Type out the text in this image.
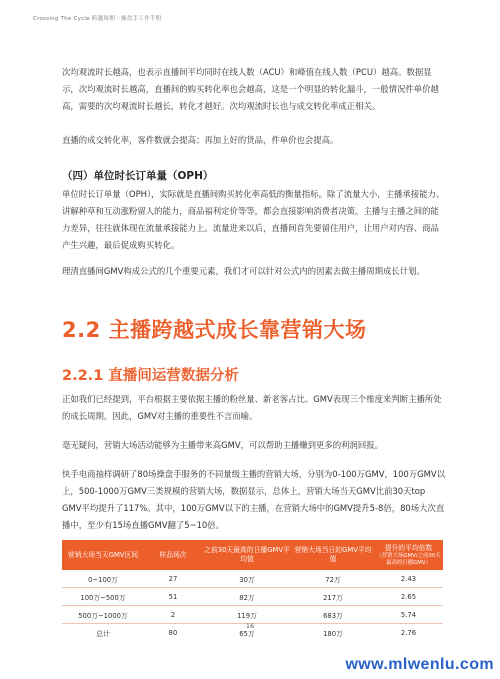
Crossing The Cycle 跨越周期 · 操盘手工作手册

次均观流时长越高，也表示直播间平均同时在线人数（ACU）和峰值在线人数（PCU）越高。数据显示，次均观流时长越高，直播间的购买转化率也会越高，这是一个明显的转化漏斗，一般情况件单价越高，需要的次均观流时长越长，转化才越好。次均观流时长也与成交转化率成正相关。

直播的成交转化率，客件数就会提高；再加上好的货品，件单价也会提高。

（四）单位时长订单量（OPH）

单位时长订单量（OPH），实际就是直播间购买转化率高低的衡量指标。除了流量大小，主播承接能力、讲解种草和互动涨粉留人的能力，商品福利定价等等，都会直接影响消费者决策。主播与主播之间的能力差异，往往就体现在流量承接能力上。流量进来以后，直播间首先要留住用户，让用户对内容、商品产生兴趣，最后促成购买转化。

理清直播间GMV构成公式的几个重要元素，我们才可以针对公式内的因素去做主播周期成长计划。

2.2 主播跨越式成长靠营销大场
2.2.1 直播间运营数据分析

正如我们已经提到，平台根据主要依据主播的粉丝量、新老客占比、GMV表现三个维度来判断主播所处的成长周期。因此，GMV对主播的重要性不言而喻。

毫无疑问，营销大场活动能够为主播带来高GMV，可以帮助主播赚到更多的利润回报。

快手电商抽样调研了80场操盘手服务的不同量级主播的营销大场，分别为0-100万GMV，100万GMV以上，500-1000万GMV三类规模的营销大场，数据显示，总体上，营销大场当天GMV比前30天top GMV平均提升了117%。其中，100万GMV以下的主播，在营销大场中的GMV提升5-8倍，80场大次直播中，至少有15场直播GMV翻了5~10倍。

营销大场当天GMV区间	样品场次	之前30天最高的日播GMV平均值	营销大场当日的GMV平均值	提升的平均倍数
（营销大场GMV/之前30天最高的日播GMV）

0~100万	27	30万	72万	2.43
100万~500万	51	82万	217万	2.65
500万~1000万	2	119万	683万	5.74
总计	80	65万	180万	2.76
16
www.mlwenlu.com
